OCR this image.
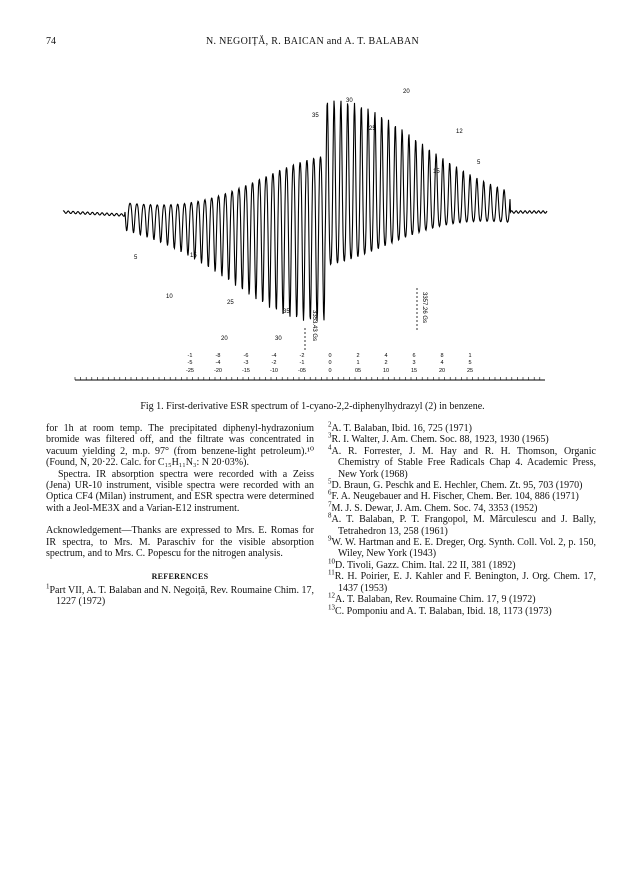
74	N. NEGOIȚĂ, R. BAICAN and A. T. BALABAN
5
10
15
20
25
30
35
20
25
30
35
12
15
5
3353.43 Gs
3357.26 Gs
-1
-5
-25
-8
-4
-20
-6
-3
-15
-4
-2
-10
-2
-1
-05
0
0
0
2
1
05
4
2
10
6
3
15
8
4
20
1
5
25
Fig 1. First-derivative ESR spectrum of 1-cyano-2,2-diphenylhydrazyl (2) in benzene.

for 1h at room temp. The precipitated diphenyl-hydrazonium bromide was filtered off, and the filtrate was concentrated in vacuum yielding 2, m.p. 97° (from benzene-light petroleum).¹⁰ (Found, N, 20·22. Calc. for C₁₅H₁₁N₃: N 20·03%).

Spectra. IR absorption spectra were recorded with a Zeiss (Jena) UR-10 instrument, visible spectra were recorded with an Optica CF4 (Milan) instrument, and ESR spectra were determined with a Jeol-ME3X and a Varian-E12 instrument.

Acknowledgement—Thanks are expressed to Mrs. E. Romas for IR spectra, to Mrs. M. Paraschiv for the visible absorption spectrum, and to Mrs. C. Popescu for the nitrogen analysis.

REFERENCES

$^1$Part VII, A. T. Balaban and N. Negoiță, Rev. Roumaine Chim. 17, 1227 (1972)

$^2$A. T. Balaban, Ibid. 16, 725 (1971)

$^3$R. I. Walter, J. Am. Chem. Soc. 88, 1923, 1930 (1965)

$^4$A. R. Forrester, J. M. Hay and R. H. Thomson, Organic Chemistry of Stable Free Radicals Chap 4. Academic Press, New York (1968)

$^5$D. Braun, G. Peschk and E. Hechler, Chem. Zt. 95, 703 (1970)

$^6$F. A. Neugebauer and H. Fischer, Chem. Ber. 104, 886 (1971)

$^7$M. J. S. Dewar, J. Am. Chem. Soc. 74, 3353 (1952)

$^8$A. T. Balaban, P. T. Frangopol, M. Mărculescu and J. Bally, Tetrahedron 13, 258 (1961)

$^9$W. W. Hartman and E. E. Dreger, Org. Synth. Coll. Vol. 2, p. 150, Wiley, New York (1943)

$^{10}$D. Tivoli, Gazz. Chim. Ital. 22 II, 381 (1892)

$^{11}$R. H. Poirier, E. J. Kahler and F. Benington, J. Org. Chem. 17, 1437 (1953)

$^{12}$A. T. Balaban, Rev. Roumaine Chim. 17, 9 (1972)

$^{13}$C. Pomponiu and A. T. Balaban, Ibid. 18, 1173 (1973)
